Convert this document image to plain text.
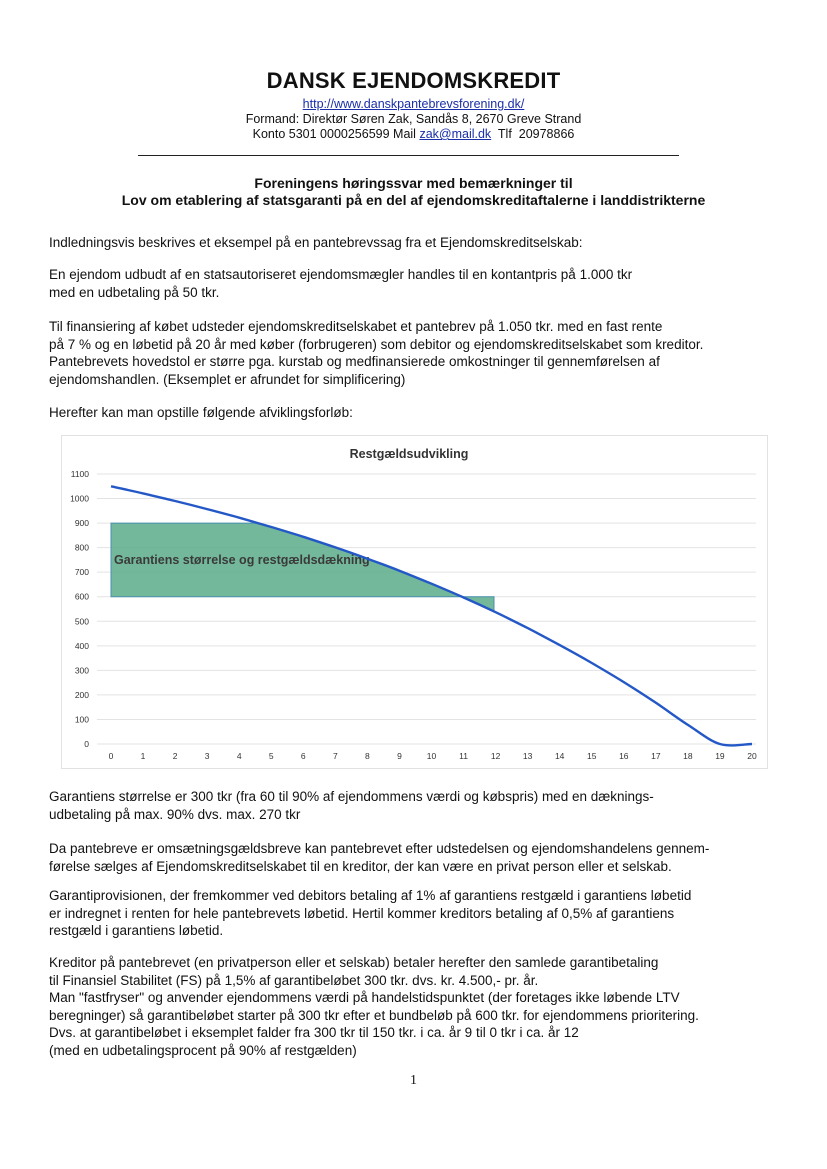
DANSK EJENDOMSKREDIT
http://www.danskpantebrevsforening.dk/
Formand: Direktør Søren Zak, Sandås 8, 2670 Greve Strand
Konto 5301 0000256599 Mail zak@mail.dk  Tlf  20978866
Foreningens høringssvar med bemærkninger til
Lov om etablering af statsgaranti på en del af ejendomskreditaftalerne i landdistrikterne
Indledningsvis beskrives et eksempel på en pantebrevssag fra et Ejendomskreditselskab:
En ejendom udbudt af en statsautoriseret ejendomsmægler handles til en kontantpris på 1.000 tkr
med en udbetaling på 50 tkr.
Til finansiering af købet udsteder ejendomskreditselskabet et pantebrev på 1.050 tkr. med en fast rente
på 7 % og en løbetid på 20 år med køber (forbrugeren) som debitor og ejendomskreditselskabet som kreditor.
Pantebrevets hovedstol er større pga. kurstab og medfinansierede omkostninger til gennemførelsen af
ejendomshandlen. (Eksemplet er afrundet for simplificering)
Herefter kan man opstille følgende afviklingsforløb:
Restgældsudvikling
Garantiens størrelse og restgældsdækning
0
100
200
300
400
500
600
700
800
900
1000
1100
0	1	2	3	4	5	6	7	8	9	10	11	12	13	14	15	16	17	18	19	20
Garantiens størrelse er 300 tkr (fra 60 til 90% af ejendommens værdi og købspris) med en dæknings-
udbetaling på max. 90% dvs. max. 270 tkr
Da pantebreve er omsætningsgældsbreve kan pantebrevet efter udstedelsen og ejendomshandelens gennem-
førelse sælges af Ejendomskreditselskabet til en kreditor, der kan være en privat person eller et selskab.
Garantiprovisionen, der fremkommer ved debitors betaling af 1% af garantiens restgæld i garantiens løbetid
er indregnet i renten for hele pantebrevets løbetid. Hertil kommer kreditors betaling af 0,5% af garantiens
restgæld i garantiens løbetid.
Kreditor på pantebrevet (en privatperson eller et selskab) betaler herefter den samlede garantibetaling
til Finansiel Stabilitet (FS) på 1,5% af garantibeløbet 300 tkr. dvs. kr. 4.500,- pr. år.
Man "fastfryser" og anvender ejendommens værdi på handelstidspunktet (der foretages ikke løbende LTV
beregninger) så garantibeløbet starter på 300 tkr efter et bundbeløb på 600 tkr. for ejendommens prioritering.
Dvs. at garantibeløbet i eksemplet falder fra 300 tkr til 150 tkr. i ca. år 9 til 0 tkr i ca. år 12
(med en udbetalingsprocent på 90% af restgælden)
1
